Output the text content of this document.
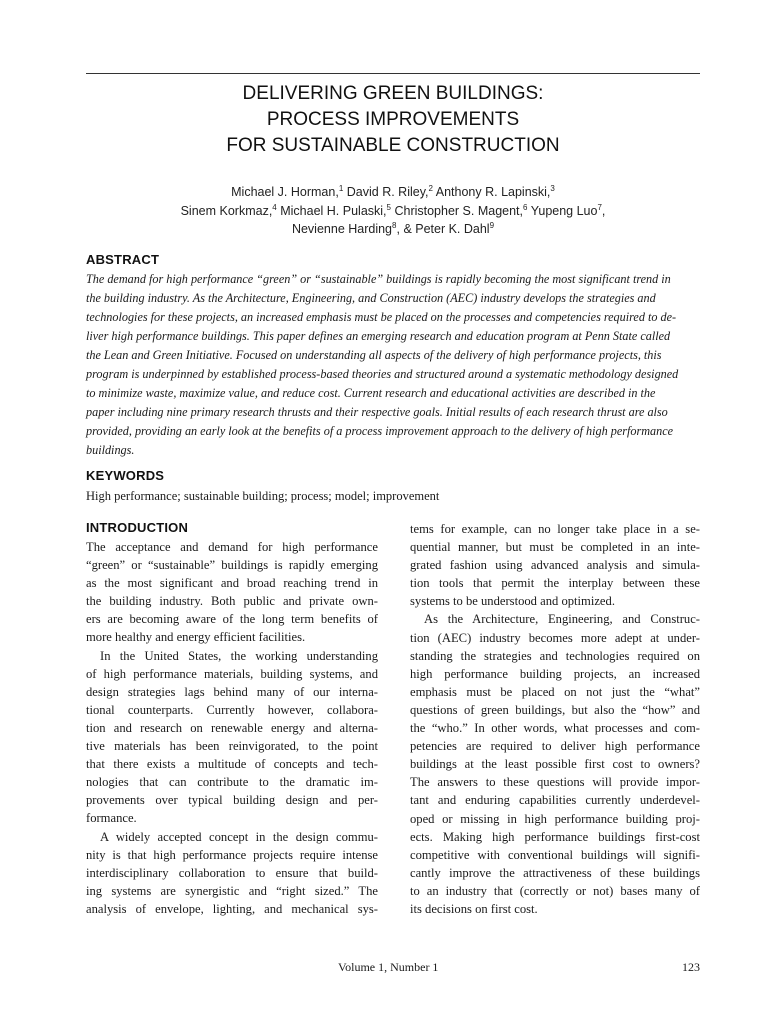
DELIVERING GREEN BUILDINGS:
PROCESS IMPROVEMENTS
FOR SUSTAINABLE CONSTRUCTION
Michael J. Horman,$^1$ David R. Riley,$^2$ Anthony R. Lapinski,$^3$
Sinem Korkmaz,$^4$ Michael H. Pulaski,$^5$ Christopher S. Magent,$^6$ Yupeng Luo$^7$,
Nevienne Harding$^8$, & Peter K. Dahl$^9$
ABSTRACT
The demand for high performance “green” or “sustainable” buildings is rapidly becoming the most significant trend in
the building industry. As the Architecture, Engineering, and Construction (AEC) industry develops the strategies and
technologies for these projects, an increased emphasis must be placed on the processes and competencies required to de-
liver high performance buildings. This paper defines an emerging research and education program at Penn State called
the Lean and Green Initiative. Focused on understanding all aspects of the delivery of high performance projects, this
program is underpinned by established process-based theories and structured around a systematic methodology designed
to minimize waste, maximize value, and reduce cost. Current research and educational activities are described in the
paper including nine primary research thrusts and their respective goals. Initial results of each research thrust are also
provided, providing an early look at the benefits of a process improvement approach to the delivery of high performance
buildings.
KEYWORDS
High performance; sustainable building; process; model; improvement
INTRODUCTION
The acceptance and demand for high performance
“green” or “sustainable” buildings is rapidly emerging
as the most significant and broad reaching trend in
the building industry. Both public and private own-
ers are becoming aware of the long term benefits of
more healthy and energy efficient facilities.
In the United States, the working understanding
of high performance materials, building systems, and
design strategies lags behind many of our interna-
tional counterparts. Currently however, collabora-
tion and research on renewable energy and alterna-
tive materials has been reinvigorated, to the point
that there exists a multitude of concepts and tech-
nologies that can contribute to the dramatic im-
provements over typical building design and per-
formance.
A widely accepted concept in the design commu-
nity is that high performance projects require intense
interdisciplinary collaboration to ensure that build-
ing systems are synergistic and “right sized.” The
analysis of envelope, lighting, and mechanical sys-
tems for example, can no longer take place in a se-
quential manner, but must be completed in an inte-
grated fashion using advanced analysis and simula-
tion tools that permit the interplay between these
systems to be understood and optimized.
As the Architecture, Engineering, and Construc-
tion (AEC) industry becomes more adept at under-
standing the strategies and technologies required on
high performance building projects, an increased
emphasis must be placed on not just the “what”
questions of green buildings, but also the “how” and
the “who.” In other words, what processes and com-
petencies are required to deliver high performance
buildings at the least possible first cost to owners?
The answers to these questions will provide impor-
tant and enduring capabilities currently underdevel-
oped or missing in high performance building proj-
ects. Making high performance buildings first-cost
competitive with conventional buildings will signifi-
cantly improve the attractiveness of these buildings
to an industry that (correctly or not) bases many of
its decisions on first cost.
Volume 1, Number 1	123
